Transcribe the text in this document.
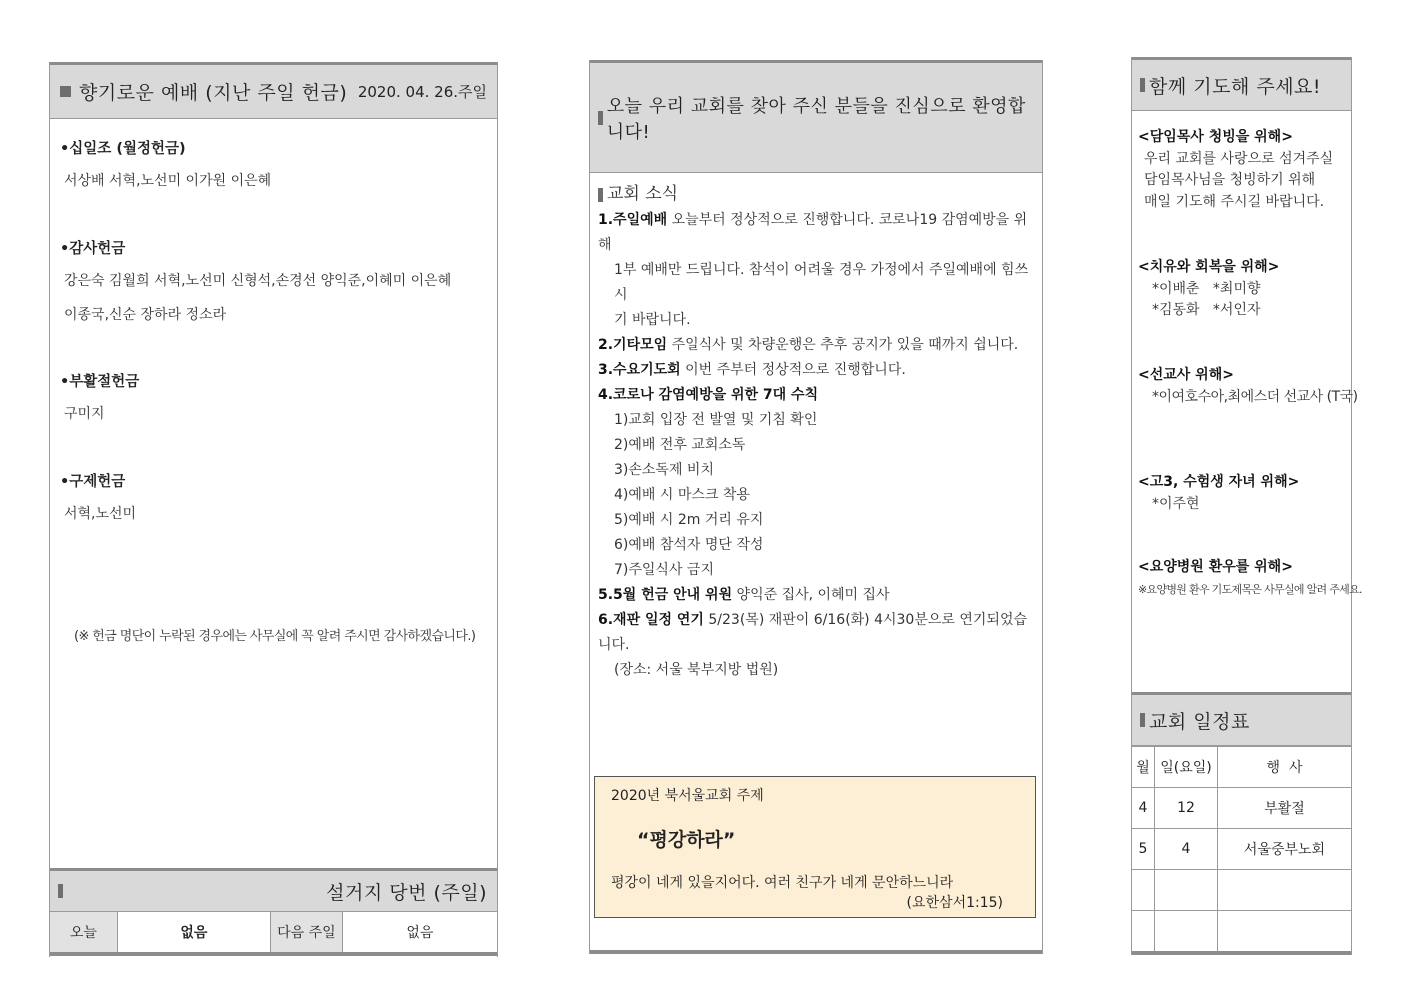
향기로운 예배 (지난 주일 헌금) 2020. 04. 26.주일
•십일조 (월정헌금)
서상배 서혁,노선미 이가원 이은혜
•감사헌금
강은숙 김월희 서혁,노선미 신형석,손경선 양익준,이혜미 이은혜
이종국,신순 장하라 정소라
•부활절헌금
구미지
•구제헌금
서혁,노선미
(※ 헌금 명단이 누락된 경우에는 사무실에 꼭 알려 주시면 감사하겠습니다.)
설거지 당번 (주일)
오늘	없음	다음 주일	없음
오늘 우리 교회를 찾아 주신 분들을 진심으로 환영합니다!
교회 소식
1.주일예배 오늘부터 정상적으로 진행합니다. 코로나19 감염예방을 위해
1부 예배만 드립니다. 참석이 어려울 경우 가정에서 주일예배에 힘쓰시
기 바랍니다.
2.기타모임 주일식사 및 차량운행은 추후 공지가 있을 때까지 쉽니다.
3.수요기도회 이번 주부터 정상적으로 진행합니다.
4.코로나 감염예방을 위한 7대 수칙
1)교회 입장 전 발열 및 기침 확인
2)예배 전후 교회소독
3)손소독제 비치
4)예배 시 마스크 착용
5)예배 시 2m 거리 유지
6)예배 참석자 명단 작성
7)주일식사 금지
5.5월 헌금 안내 위원 양익준 집사, 이혜미 집사
6.재판 일정 연기 5/23(목) 재판이 6/16(화) 4시30분으로 연기되었습니다.
(장소: 서울 북부지방 법원)
2020년 북서울교회 주제
“평강하라”
평강이 네게 있을지어다. 여러 친구가 네게 문안하느니라
(요한삼서1:15)
함께 기도해 주세요!
<담임목사 청빙을 위해>
우리 교회를 사랑으로 섬겨주실
담임목사님을 청빙하기 위해
매일 기도해 주시길 바랍니다.
<치유와 회복을 위해>
*이배춘   *최미향
*김동화   *서인자
<선교사 위해>
*이여호수아,최에스더 선교사 (T국)
<고3, 수험생 자녀 위해>
*이주현
<요양병원 환우를 위해>
※요양병원 환우 기도제목은 사무실에 알려 주세요.
교회 일정표
월	일(요일)	행  사
4	12	부활절
5	4	서울중부노회
